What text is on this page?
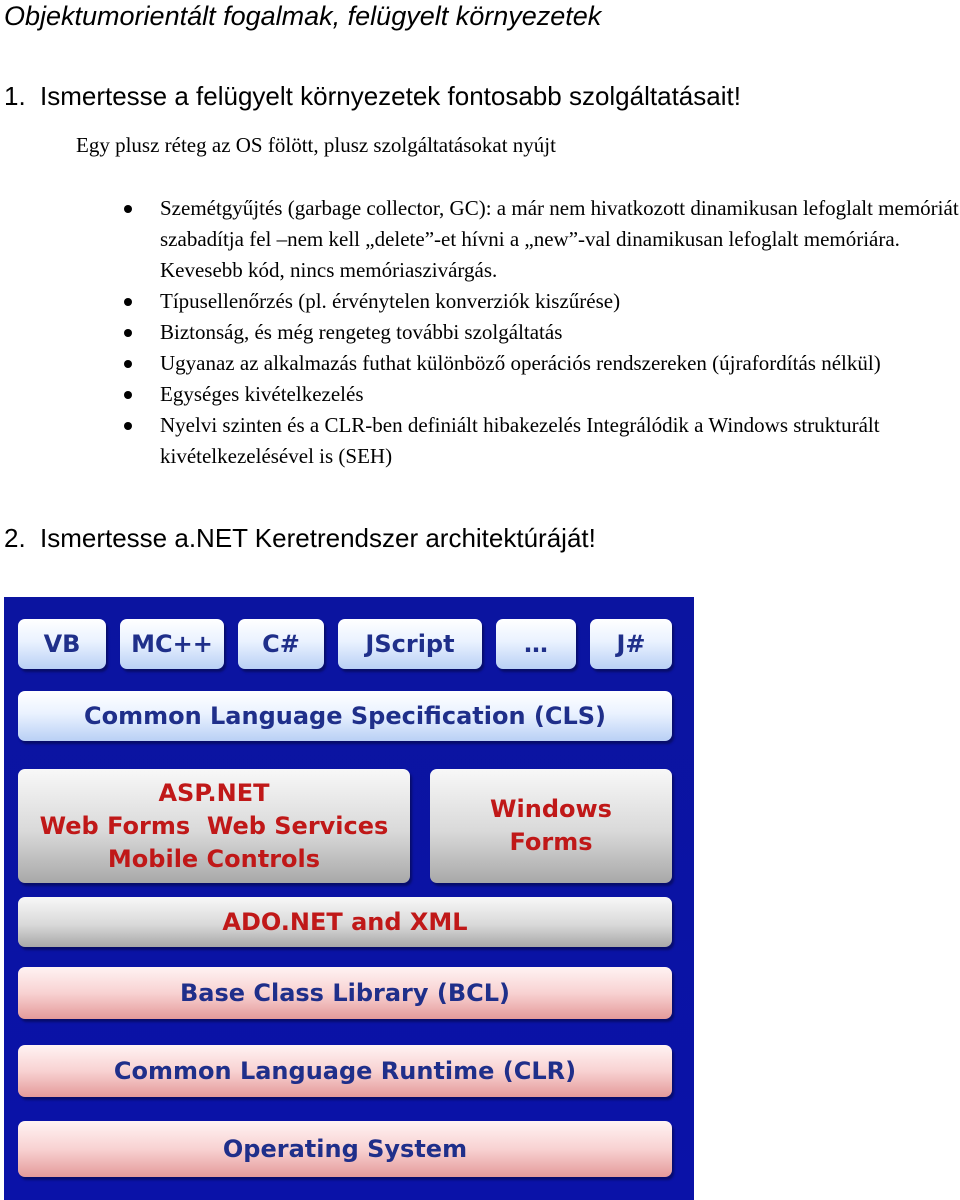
Objektumorientált fogalmak, felügyelt környezetek
1. Ismertesse a felügyelt környezetek fontosabb szolgáltatásait!
Egy plusz réteg az OS fölött, plusz szolgáltatásokat nyújt
Szemétgyűjtés (garbage collector, GC): a már nem hivatkozott dinamikusan lefoglalt memóriát szabadítja fel –nem kell „delete”-et hívni a „new”-val dinamikusan lefoglalt memóriára. Kevesebb kód, nincs memóriaszivárgás.
Típusellenőrzés (pl. érvénytelen konverziók kiszűrése)
Biztonság, és még rengeteg további szolgáltatás
Ugyanaz az alkalmazás futhat különböző operációs rendszereken (újrafordítás nélkül)
Egységes kivételkezelés
Nyelvi szinten és a CLR-ben definiált hibakezelés Integrálódik a Windows strukturált kivételkezelésével is (SEH)
2. Ismertesse a.NET Keretrendszer architektúráját!
VB	MC++	C#	JScript	…	J#
Common Language Specification (CLS)
ASP.NET
Web Forms  Web Services
Mobile Controls
Windows
Forms
ADO.NET and XML
Base Class Library (BCL)
Common Language Runtime (CLR)
Operating System
